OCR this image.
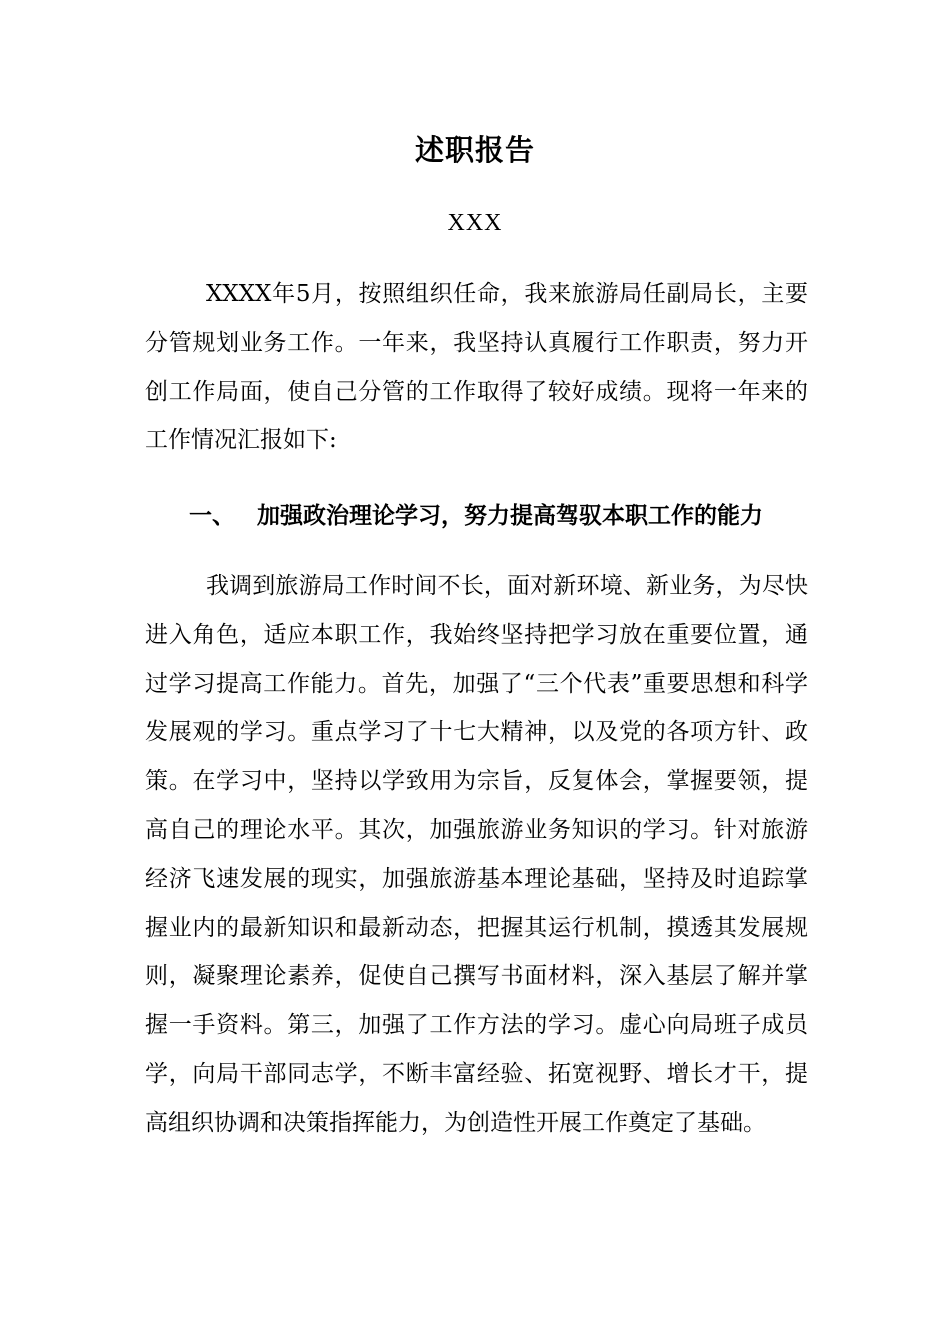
述职报告
XXX

XXXX年5月，按照组织任命，我来旅游局任副局长，主要分管规划业务工作。一年来，我坚持认真履行工作职责，努力开创工作局面，使自己分管的工作取得了较好成绩。现将一年来的工作情况汇报如下:

一、 加强政治理论学习，努力提高驾驭本职工作的能力

我调到旅游局工作时间不长，面对新环境、新业务，为尽快进入角色，适应本职工作，我始终坚持把学习放在重要位置，通过学习提高工作能力。首先，加强了“三个代表”重要思想和科学发展观的学习。重点学习了十七大精神，以及党的各项方针、政策。在学习中，坚持以学致用为宗旨，反复体会，掌握要领，提高自己的理论水平。其次，加强旅游业务知识的学习。针对旅游经济飞速发展的现实，加强旅游基本理论基础，坚持及时追踪掌握业内的最新知识和最新动态，把握其运行机制，摸透其发展规则，凝聚理论素养，促使自己撰写书面材料，深入基层了解并掌握一手资料。第三，加强了工作方法的学习。虚心向局班子成员学，向局干部同志学，不断丰富经验、拓宽视野、增长才干，提高组织协调和决策指挥能力，为创造性开展工作奠定了基础。
